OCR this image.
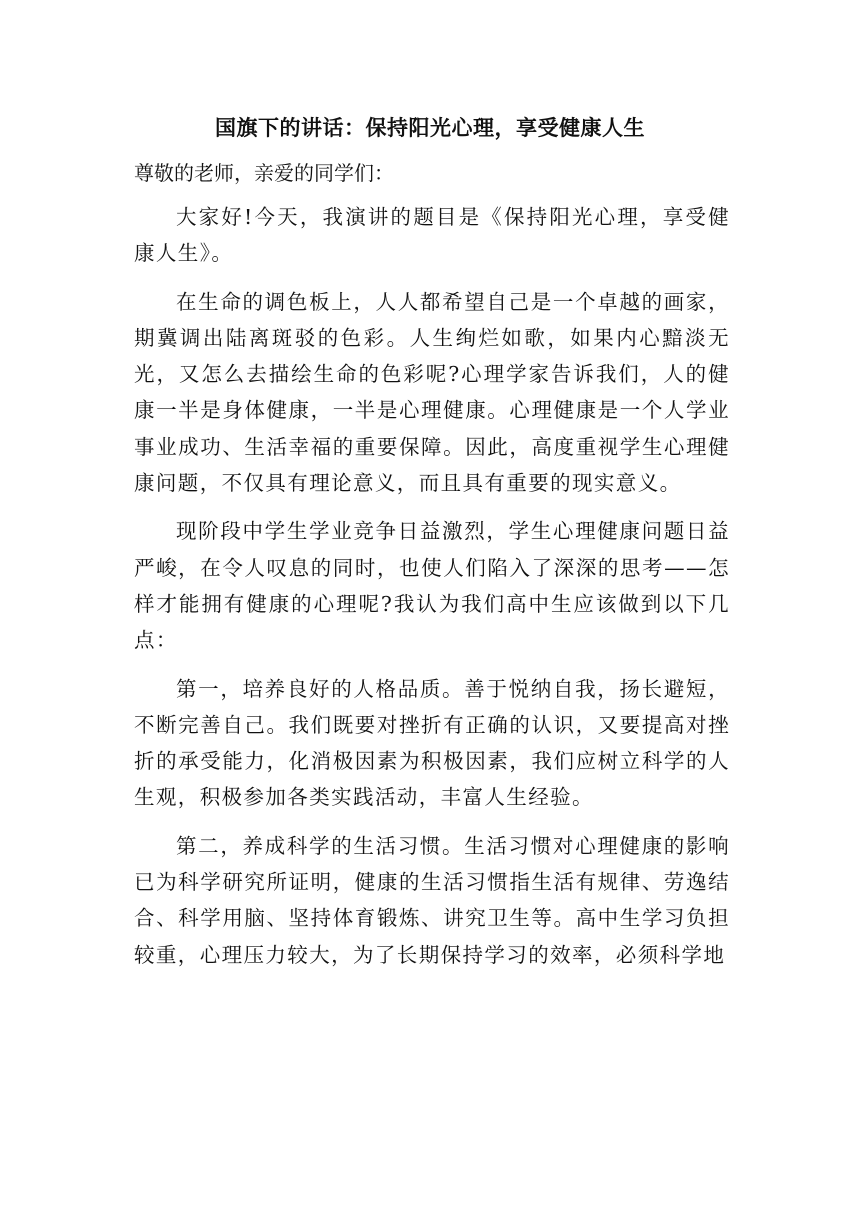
国旗下的讲话：保持阳光心理，享受健康人生
尊敬的老师，亲爱的同学们：

大家好!今天，我演讲的题目是《保持阳光心理，享受健康人生》。

在生命的调色板上，人人都希望自己是一个卓越的画家，期冀调出陆离斑驳的色彩。人生绚烂如歌，如果内心黯淡无光，又怎么去描绘生命的色彩呢?心理学家告诉我们，人的健康一半是身体健康，一半是心理健康。心理健康是一个人学业事业成功、生活幸福的重要保障。因此，高度重视学生心理健康问题，不仅具有理论意义，而且具有重要的现实意义。

现阶段中学生学业竞争日益激烈，学生心理健康问题日益严峻，在令人叹息的同时，也使人们陷入了深深的思考——怎样才能拥有健康的心理呢?我认为我们高中生应该做到以下几点：

第一，培养良好的人格品质。善于悦纳自我，扬长避短，不断完善自己。我们既要对挫折有正确的认识，又要提高对挫折的承受能力，化消极因素为积极因素，我们应树立科学的人生观，积极参加各类实践活动，丰富人生经验。

第二，养成科学的生活习惯。生活习惯对心理健康的影响已为科学研究所证明，健康的生活习惯指生活有规律、劳逸结合、科学用脑、坚持体育锻炼、讲究卫生等。高中生学习负担较重，心理压力较大，为了长期保持学习的效率，必须科学地
